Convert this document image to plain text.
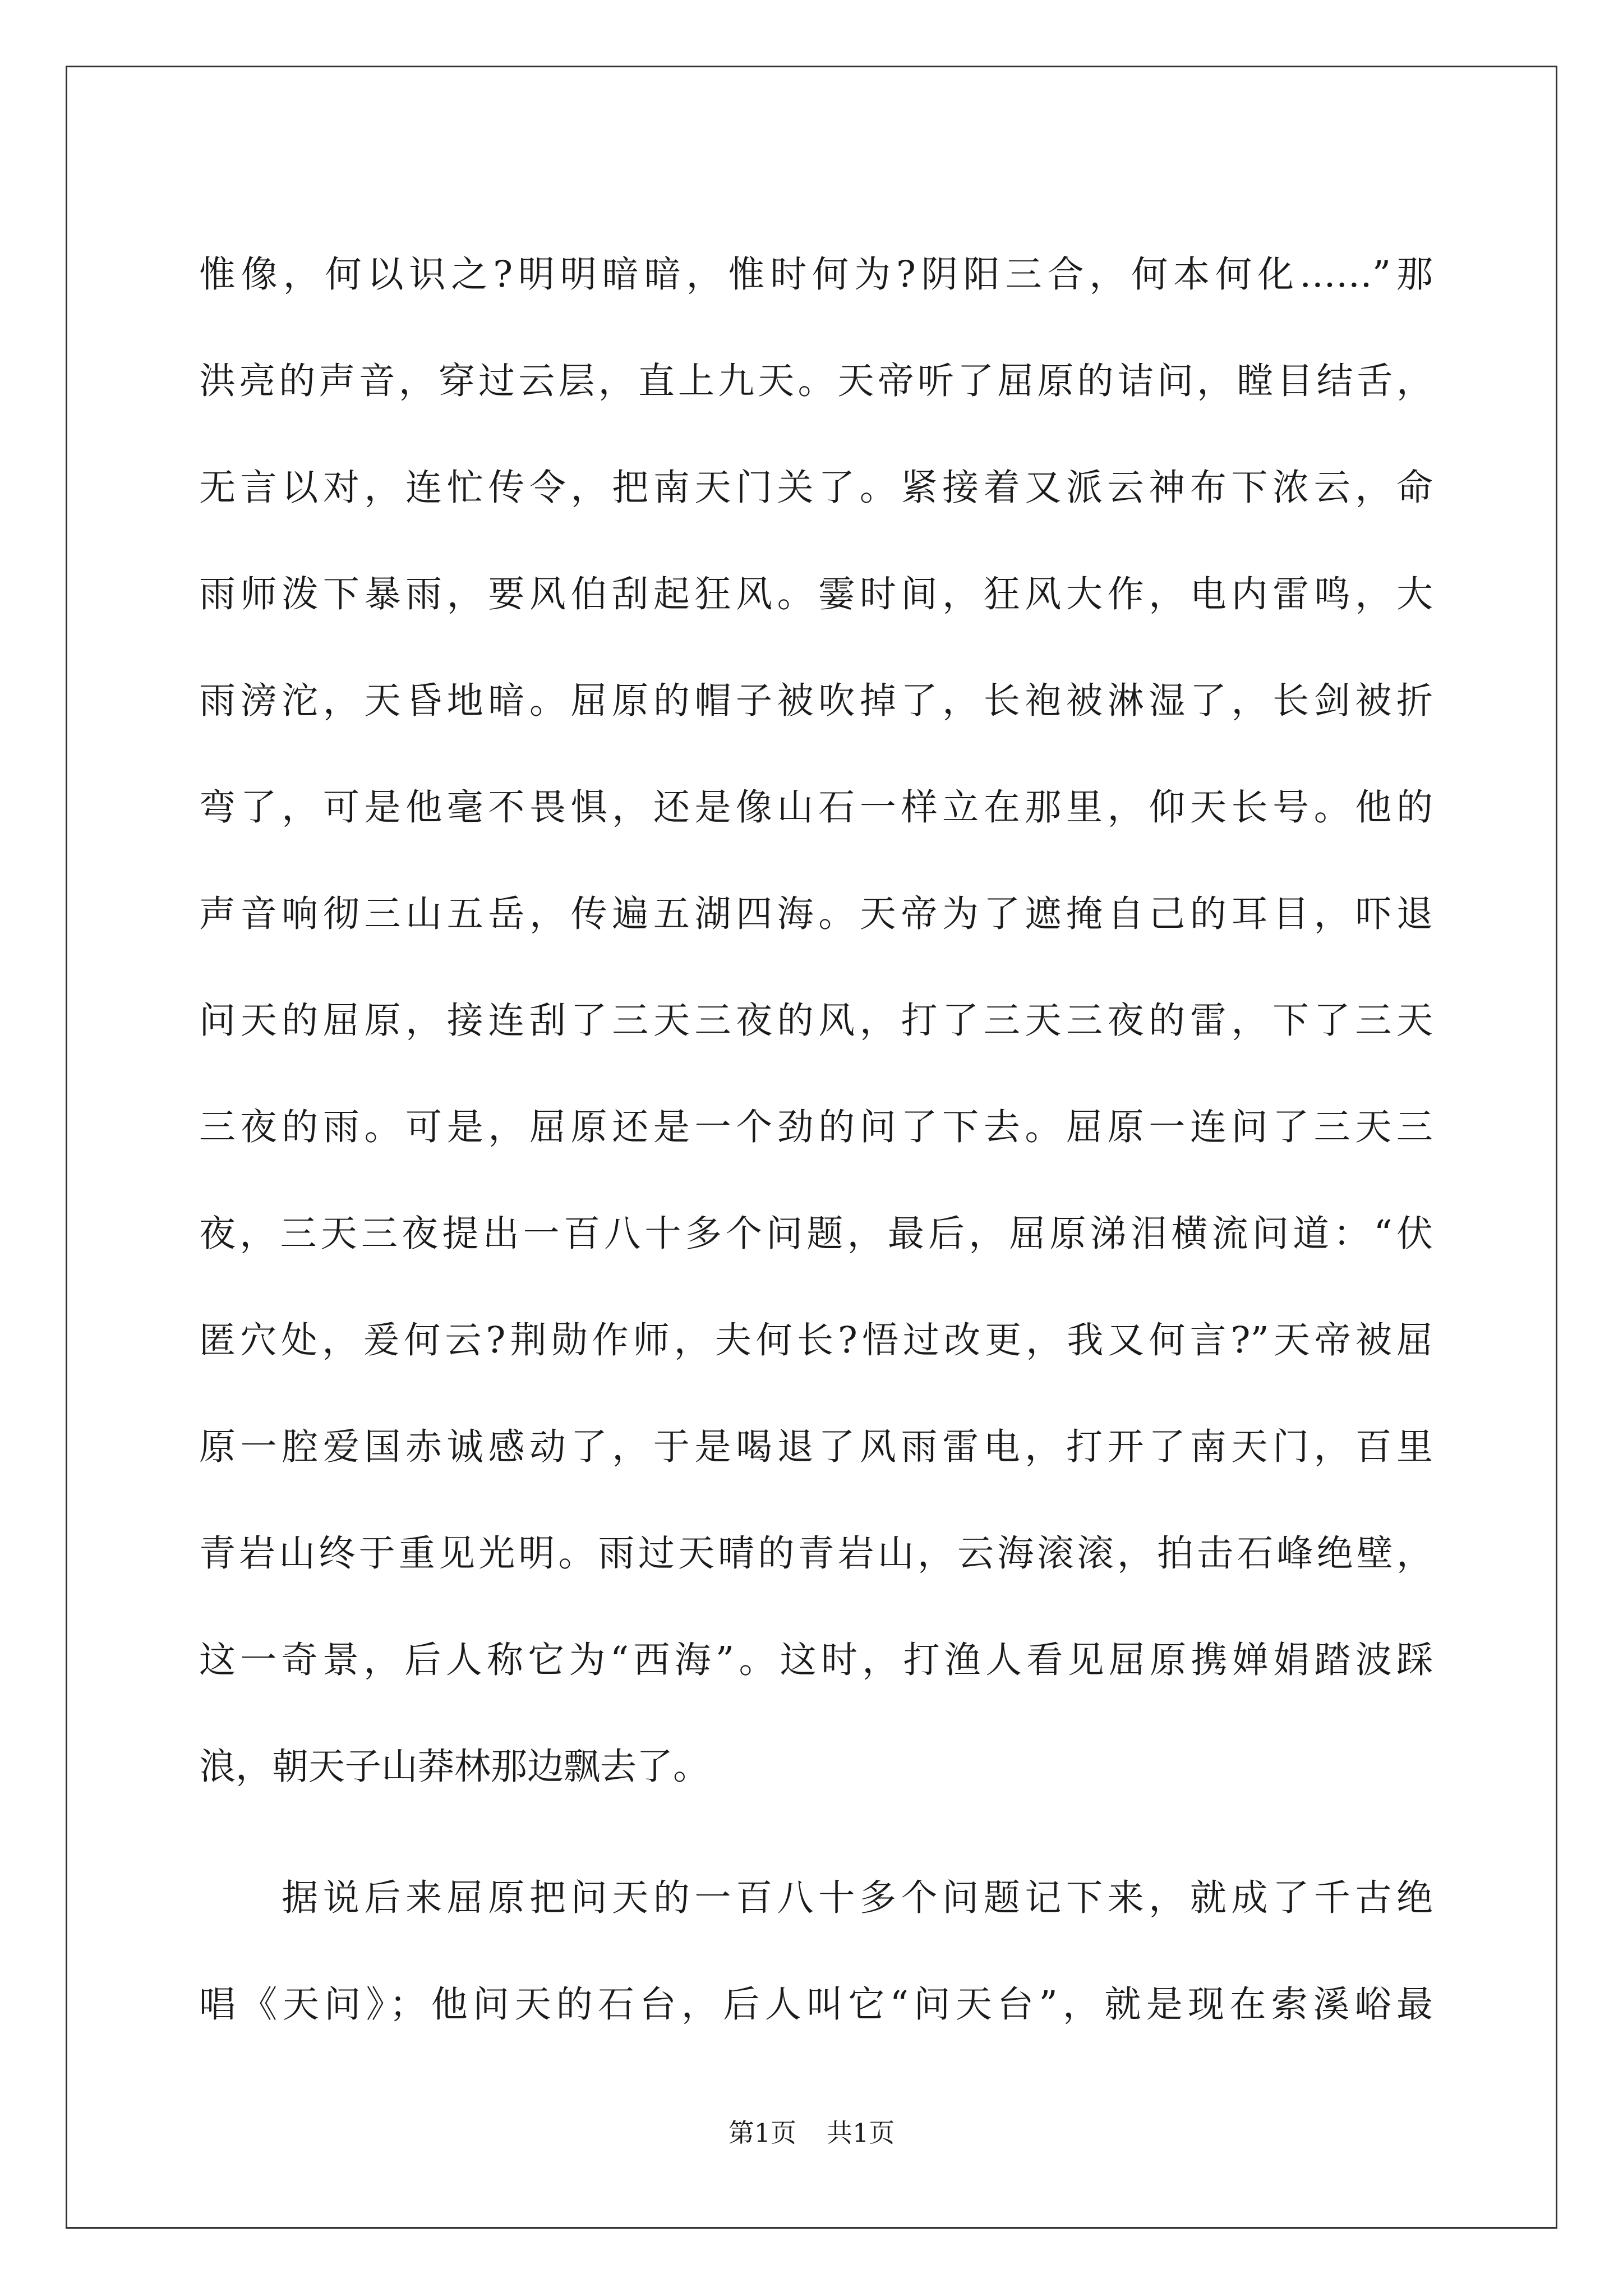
惟像，何以识之?明明暗暗，惟时何为?阴阳三合，何本何化……”那
洪亮的声音，穿过云层，直上九天。天帝听了屈原的诘问，瞠目结舌，
无言以对，连忙传令，把南天门关了。紧接着又派云神布下浓云，命
雨师泼下暴雨，要风伯刮起狂风。霎时间，狂风大作，电内雷鸣，大
雨滂沱，天昏地暗。屈原的帽子被吹掉了，长袍被淋湿了，长剑被折
弯了，可是他毫不畏惧，还是像山石一样立在那里，仰天长号。他的
声音响彻三山五岳，传遍五湖四海。天帝为了遮掩自己的耳目，吓退
问天的屈原，接连刮了三天三夜的风，打了三天三夜的雷，下了三天
三夜的雨。可是，屈原还是一个劲的问了下去。屈原一连问了三天三
夜，三天三夜提出一百八十多个问题，最后，屈原涕泪横流问道：“伏
匿穴处，爰何云?荆勋作师，夫何长?悟过改更，我又何言?”天帝被屈
原一腔爱国赤诚感动了，于是喝退了风雨雷电，打开了南天门，百里
青岩山终于重见光明。雨过天晴的青岩山，云海滚滚，拍击石峰绝壁，
这一奇景，后人称它为“西海”。这时，打渔人看见屈原携婵娟踏波踩
浪，朝天子山莽林那边飘去了。
　　据说后来屈原把问天的一百八十多个问题记下来，就成了千古绝
唱《天问》；他问天的石台，后人叫它“问天台”，就是现在索溪峪最
第1页 共1页
